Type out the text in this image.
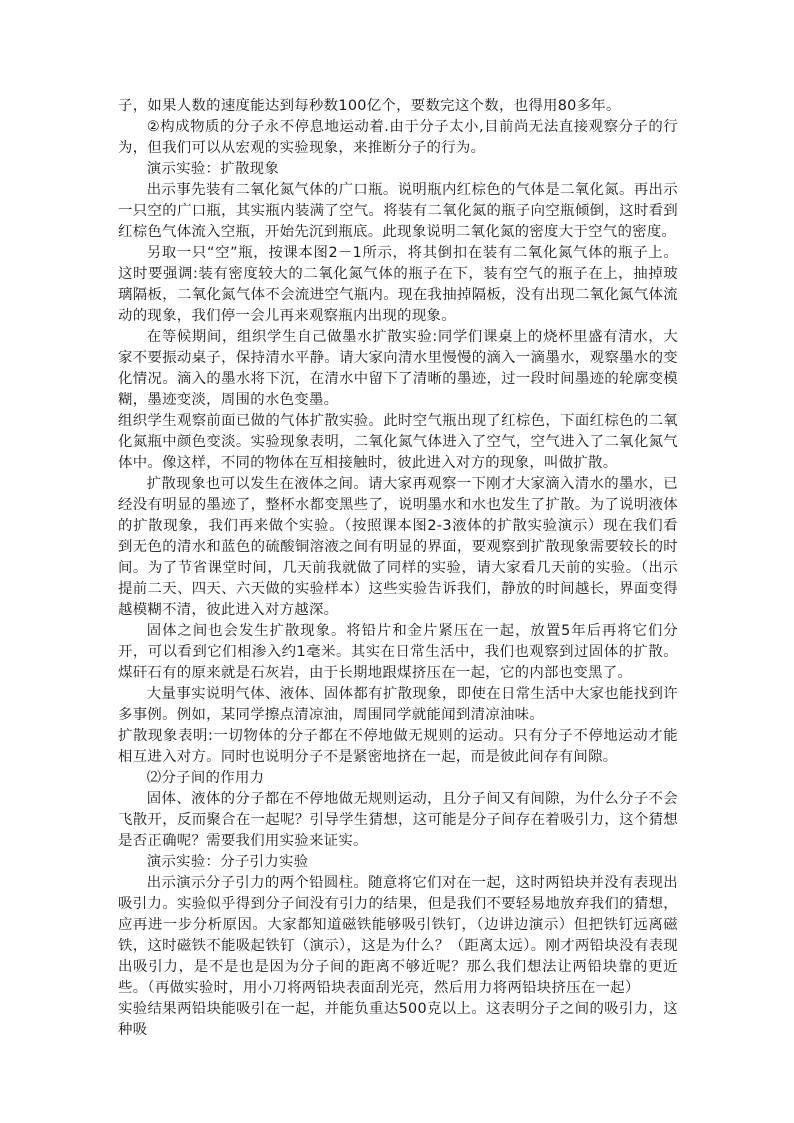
子，如果人数的速度能达到每秒数100亿个，要数完这个数，也得用80多年。

②构成物质的分子永不停息地运动着.由于分子太小,目前尚无法直接观察分子的行为，但我们可以从宏观的实验现象，来推断分子的行为。

演示实验：扩散现象

出示事先装有二氧化氮气体的广口瓶。说明瓶内红棕色的气体是二氧化氮。再出示一只空的广口瓶，其实瓶内装满了空气。将装有二氧化氮的瓶子向空瓶倾倒，这时看到红棕色气体流入空瓶，开始先沉到瓶底。此现象说明二氧化氮的密度大于空气的密度。

另取一只“空”瓶，按课本图2－1所示，将其倒扣在装有二氧化氮气体的瓶子上。这时要强调:装有密度较大的二氧化氮气体的瓶子在下，装有空气的瓶子在上，抽掉玻璃隔板，二氧化氮气体不会流进空气瓶内。现在我抽掉隔板，没有出现二氧化氮气体流动的现象，我们停一会儿再来观察瓶内出现的现象。

在等候期间，组织学生自己做墨水扩散实验:同学们课桌上的烧杯里盛有清水，大家不要振动桌子，保持清水平静。请大家向清水里慢慢的滴入一滴墨水，观察墨水的变化情况。滴入的墨水将下沉，在清水中留下了清晰的墨迹，过一段时间墨迹的轮廓变模糊，墨迹变淡，周围的水色变墨。

组织学生观察前面已做的气体扩散实验。此时空气瓶出现了红棕色，下面红棕色的二氧化氮瓶中颜色变淡。实验现象表明，二氧化氮气体进入了空气，空气进入了二氧化氮气体中。像这样，不同的物体在互相接触时，彼此进入对方的现象，叫做扩散。

扩散现象也可以发生在液体之间。请大家再观察一下刚才大家滴入清水的墨水，已经没有明显的墨迹了，整杯水都变黑些了，说明墨水和水也发生了扩散。为了说明液体的扩散现象，我们再来做个实验。（按照课本图2-3液体的扩散实验演示）现在我们看到无色的清水和蓝色的硫酸铜溶液之间有明显的界面，要观察到扩散现象需要较长的时间。为了节省课堂时间，几天前我就做了同样的实验，请大家看几天前的实验。（出示提前二天、四天、六天做的实验样本）这些实验告诉我们，静放的时间越长，界面变得越模糊不清，彼此进入对方越深。

固体之间也会发生扩散现象。将铅片和金片紧压在一起，放置5年后再将它们分开，可以看到它们相渗入约1毫米。其实在日常生活中，我们也观察到过固体的扩散。煤矸石有的原来就是石灰岩，由于长期地跟煤挤压在一起，它的内部也变黑了。

大量事实说明气体、液体、固体都有扩散现象，即使在日常生活中大家也能找到许多事例。例如，某同学擦点清凉油，周围同学就能闻到清凉油味。

扩散现象表明:一切物体的分子都在不停地做无规则的运动。只有分子不停地运动才能相互进入对方。同时也说明分子不是紧密地挤在一起，而是彼此间存有间隙。

⑵分子间的作用力

固体、液体的分子都在不停地做无规则运动，且分子间又有间隙，为什么分子不会飞散开，反而聚合在一起呢？引导学生猜想，这可能是分子间存在着吸引力，这个猜想是否正确呢？需要我们用实验来证实。

演示实验：分子引力实验

出示演示分子引力的两个铅圆柱。随意将它们对在一起，这时两铅块并没有表现出吸引力。实验似乎得到分子间没有引力的结果，但是我们不要轻易地放弃我们的猜想，应再进一步分析原因。大家都知道磁铁能够吸引铁钉，（边讲边演示）但把铁钉远离磁铁，这时磁铁不能吸起铁钉（演示），这是为什么？（距离太远）。刚才两铅块没有表现出吸引力，是不是也是因为分子间的距离不够近呢？那么我们想法让两铅块靠的更近些。（再做实验时，用小刀将两铅块表面刮光亮，然后用力将两铅块挤压在一起）

实验结果两铅块能吸引在一起，并能负重达500克以上。这表明分子之间的吸引力，这种吸
